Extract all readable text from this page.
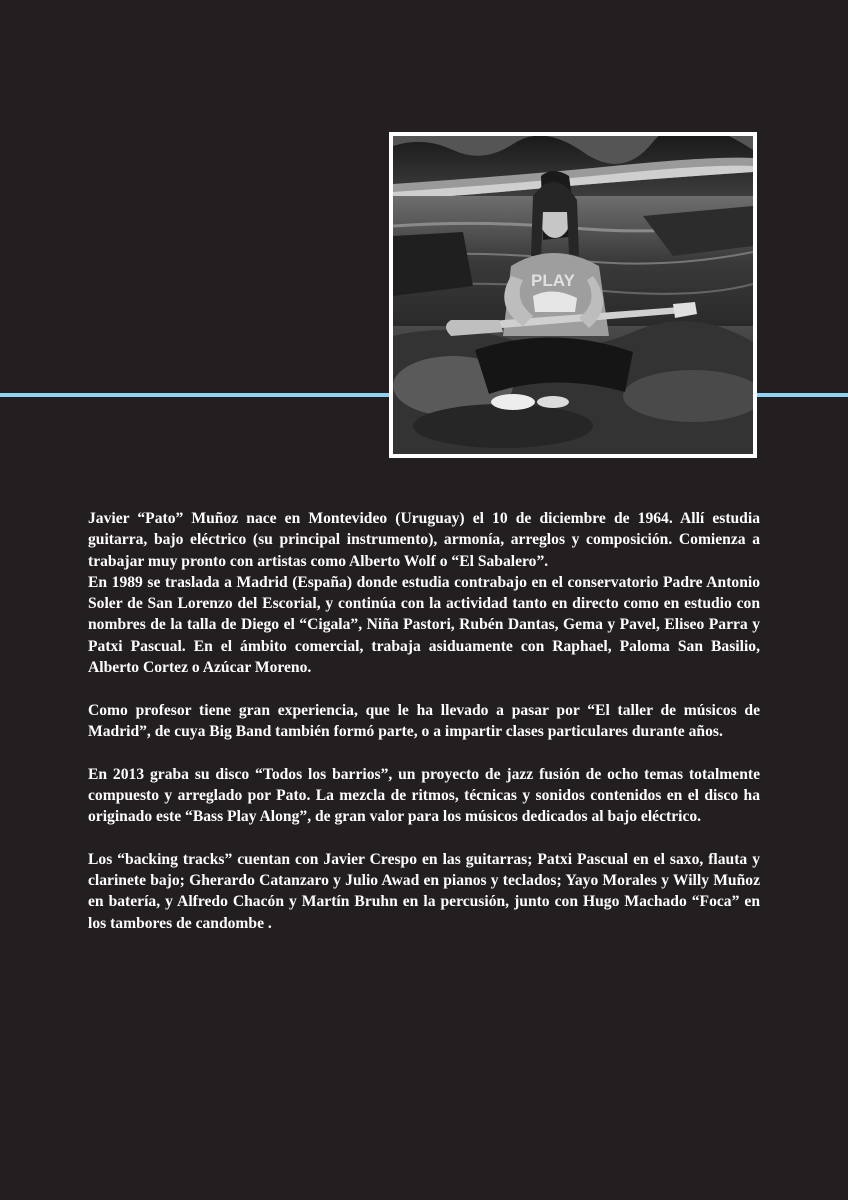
PLAY

Javier “Pato” Muñoz nace en Montevideo (Uruguay) el 10 de diciembre de 1964. Allí estudia guitarra, bajo eléctrico (su principal instrumento), armonía, arreglos y composición. Comienza a trabajar muy pronto con artistas como Alberto Wolf o “El Sabalero”.

En 1989 se traslada a Madrid (España) donde estudia contrabajo en el conservatorio Padre Antonio Soler de San Lorenzo del Escorial, y continúa con la actividad tanto en directo como en estudio con nombres de la talla de Diego el “Cigala”, Niña Pastori, Rubén Dantas, Gema y Pavel, Eliseo Parra y Patxi Pascual. En el ámbito comercial, trabaja asiduamente con Raphael, Paloma San Basilio, Alberto Cortez o Azúcar Moreno.

Como profesor tiene gran experiencia, que le ha llevado a pasar por “El taller de músicos de Madrid”, de cuya Big Band también formó parte, o a impartir clases particulares durante años.

En 2013 graba su disco “Todos los barrios”, un proyecto de jazz fusión de ocho temas totalmente compuesto y arreglado por Pato. La mezcla de ritmos, técnicas y sonidos contenidos en el disco ha originado este “Bass Play Along”, de gran valor para los músicos dedicados al bajo eléctrico.

Los “backing tracks” cuentan con Javier Crespo en las guitarras; Patxi Pascual en el saxo, flauta y clarinete bajo; Gherardo Catanzaro y Julio Awad en pianos y teclados; Yayo Morales y Willy Muñoz en batería, y Alfredo Chacón y Martín Bruhn en la percusión, junto con Hugo Machado “Foca” en los tambores de candombe .
